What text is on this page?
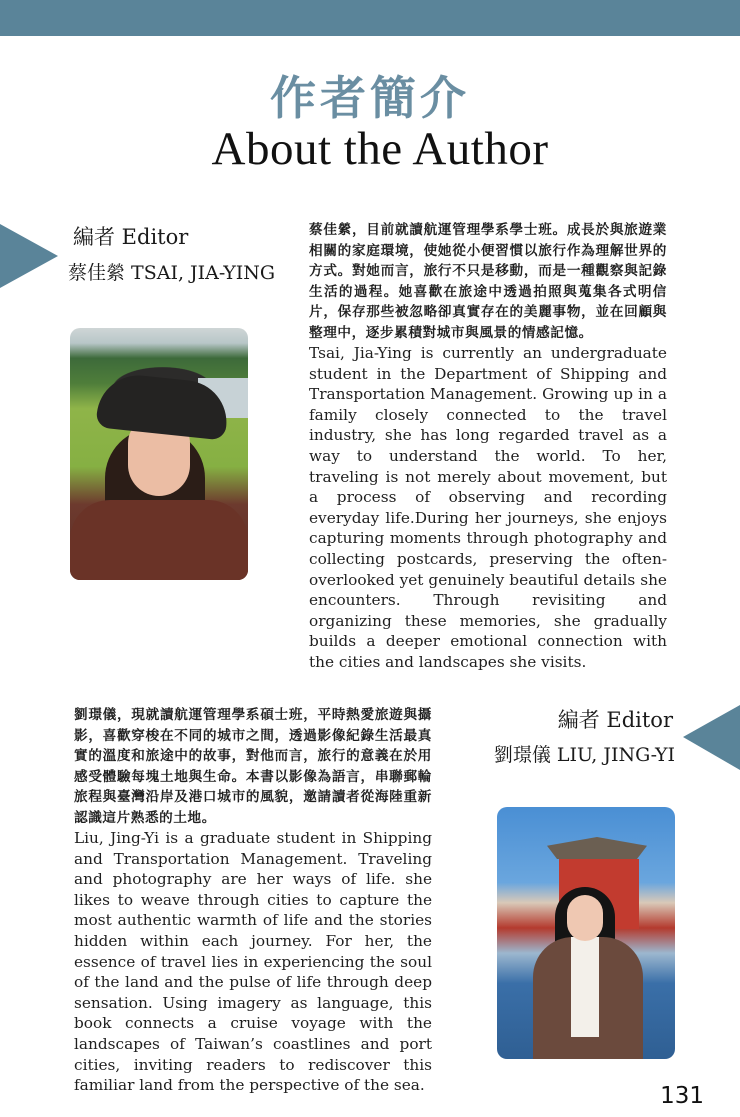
作者簡介
About the Author
編者 Editor
蔡佳縈 TSAI, JIA-YING
蔡佳縈，目前就讀航運管理學系學士班。成長於與旅遊業相關的家庭環境，使她從小便習慣以旅行作為理解世界的方式。對她而言，旅行不只是移動，而是一種觀察與記錄生活的過程。她喜歡在旅途中透過拍照與蒐集各式明信片，保存那些被忽略卻真實存在的美麗事物，並在回顧與整理中，逐步累積對城市與風景的情感記憶。
Tsai, Jia-Ying is currently an undergraduate student in the Department of Shipping and Transportation Management. Growing up in a family closely connected to the travel industry, she has long regarded travel as a way to understand the world. To her, traveling is not merely about movement, but a process of observing and recording everyday life.During her journeys, she enjoys capturing moments through photography and collecting postcards, preserving the often-overlooked yet genuinely beautiful details she encounters. Through revisiting and organizing these memories, she gradually builds a deeper emotional connection with the cities and landscapes she visits.
劉璟儀，現就讀航運管理學系碩士班，平時熱愛旅遊與攝影，喜歡穿梭在不同的城市之間，透過影像紀錄生活最真實的溫度和旅途中的故事，對他而言，旅行的意義在於用感受體驗每塊土地與生命。本書以影像為語言，串聯郵輪旅程與臺灣沿岸及港口城市的風貌，邀請讀者從海陸重新認識這片熟悉的土地。
Liu, Jing-Yi is a graduate student in Shipping and Transportation Management. Traveling and photography are her ways of life. she likes to weave through cities to capture the most authentic warmth of life and the stories hidden within each journey. For her, the essence of travel lies in experiencing the soul of the land and the pulse of life through deep sensation. Using imagery as language, this book connects a cruise voyage with the landscapes of Taiwan’s coastlines and port cities, inviting readers to rediscover this familiar land from the perspective of the sea.
編者 Editor
劉璟儀 LIU, JING-YI
131
